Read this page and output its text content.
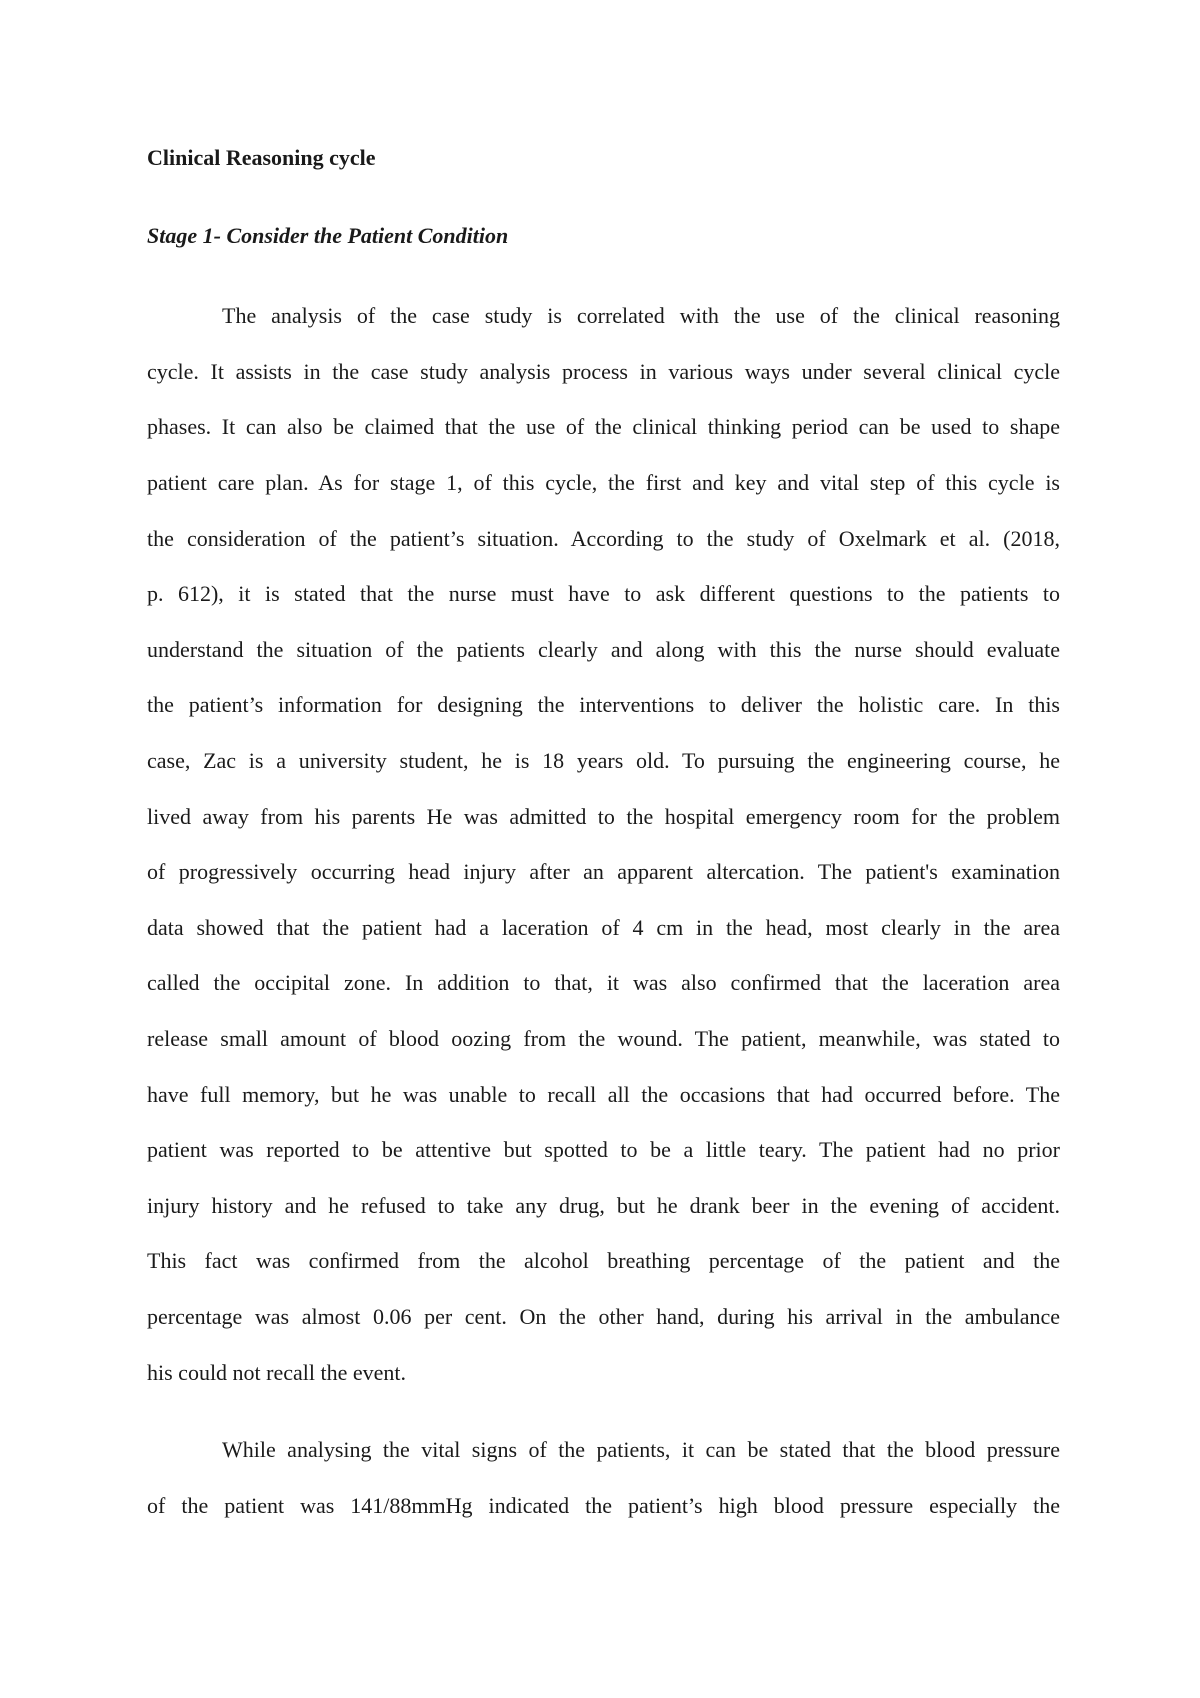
Clinical Reasoning cycle
Stage 1- Consider the Patient Condition
The analysis of the case study is correlated with the use of the clinical reasoning
cycle. It assists in the case study analysis process in various ways under several clinical cycle
phases. It can also be claimed that the use of the clinical thinking period can be used to shape
patient care plan. As for stage 1, of this cycle, the first and key and vital step of this cycle is
the consideration of the patient’s situation. According to the study of Oxelmark et al. (2018,
p. 612), it is stated that the nurse must have to ask different questions to the patients to
understand the situation of the patients clearly and along with this the nurse should evaluate
the patient’s information for designing the interventions to deliver the holistic care. In this
case, Zac is a university student, he is 18 years old. To pursuing the engineering course, he
lived away from his parents He was admitted to the hospital emergency room for the problem
of progressively occurring head injury after an apparent altercation. The patient's examination
data showed that the patient had a laceration of 4 cm in the head, most clearly in the area
called the occipital zone. In addition to that, it was also confirmed that the laceration area
release small amount of blood oozing from the wound. The patient, meanwhile, was stated to
have full memory, but he was unable to recall all the occasions that had occurred before. The
patient was reported to be attentive but spotted to be a little teary. The patient had no prior
injury history and he refused to take any drug, but he drank beer in the evening of accident.
This fact was confirmed from the alcohol breathing percentage of the patient and the
percentage was almost 0.06 per cent. On the other hand, during his arrival in the ambulance
his could not recall the event.
While analysing the vital signs of the patients, it can be stated that the blood pressure
of the patient was 141/88mmHg indicated the patient’s high blood pressure especially the
